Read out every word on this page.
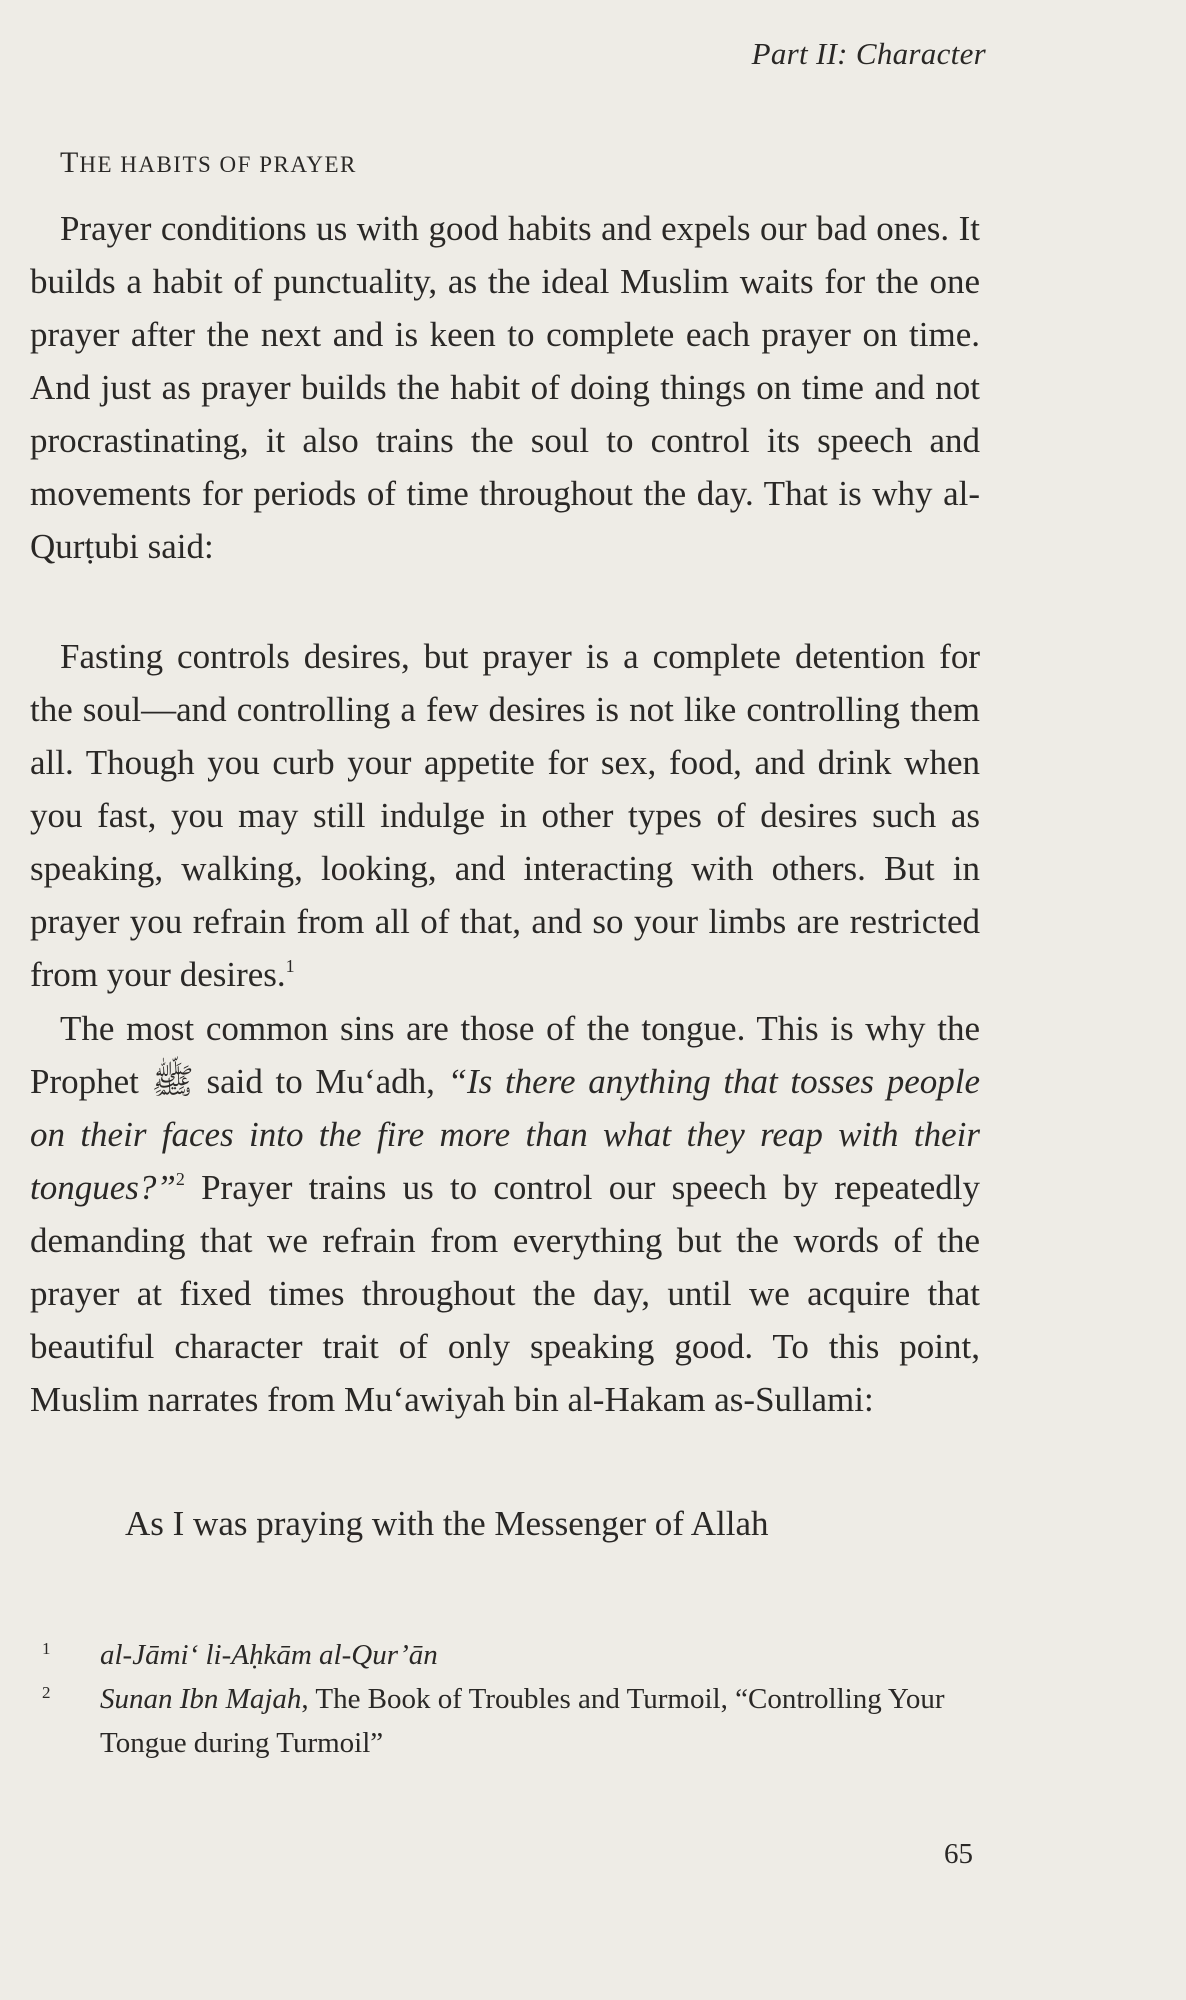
Part II: Character
THE HABITS OF PRAYER

Prayer conditions us with good habits and expels our bad ones. It builds a habit of punctuality, as the ideal Muslim waits for the one prayer after the next and is keen to complete each prayer on time. And just as prayer builds the habit of doing things on time and not procrastinating, it also trains the soul to control its speech and movements for periods of time throughout the day. That is why al-Qurṭubi said:

Fasting controls desires, but prayer is a complete detention for the soul—and controlling a few desires is not like controlling them all. Though you curb your appetite for sex, food, and drink when you fast, you may still indulge in other types of desires such as speaking, walking, looking, and interacting with others. But in prayer you refrain from all of that, and so your limbs are restricted from your desires.$^1$

The most common sins are those of the tongue. This is why the Prophet ﷺ said to Mu‘adh, “Is there anything that tosses people on their faces into the fire more than what they reap with their tongues?”$^2$ Prayer trains us to control our speech by repeatedly demanding that we refrain from everything but the words of the prayer at fixed times throughout the day, until we acquire that beautiful character trait of only speaking good. To this point, Muslim narrates from Mu‘awiyah bin al-Hakam as-Sullami:

As I was praying with the Messenger of Allah
1 al-Jāmi‘ li-Aḥkām al-Qur’ān
2 Sunan Ibn Majah, The Book of Troubles and Turmoil, “Controlling Your Tongue during Turmoil”
65
